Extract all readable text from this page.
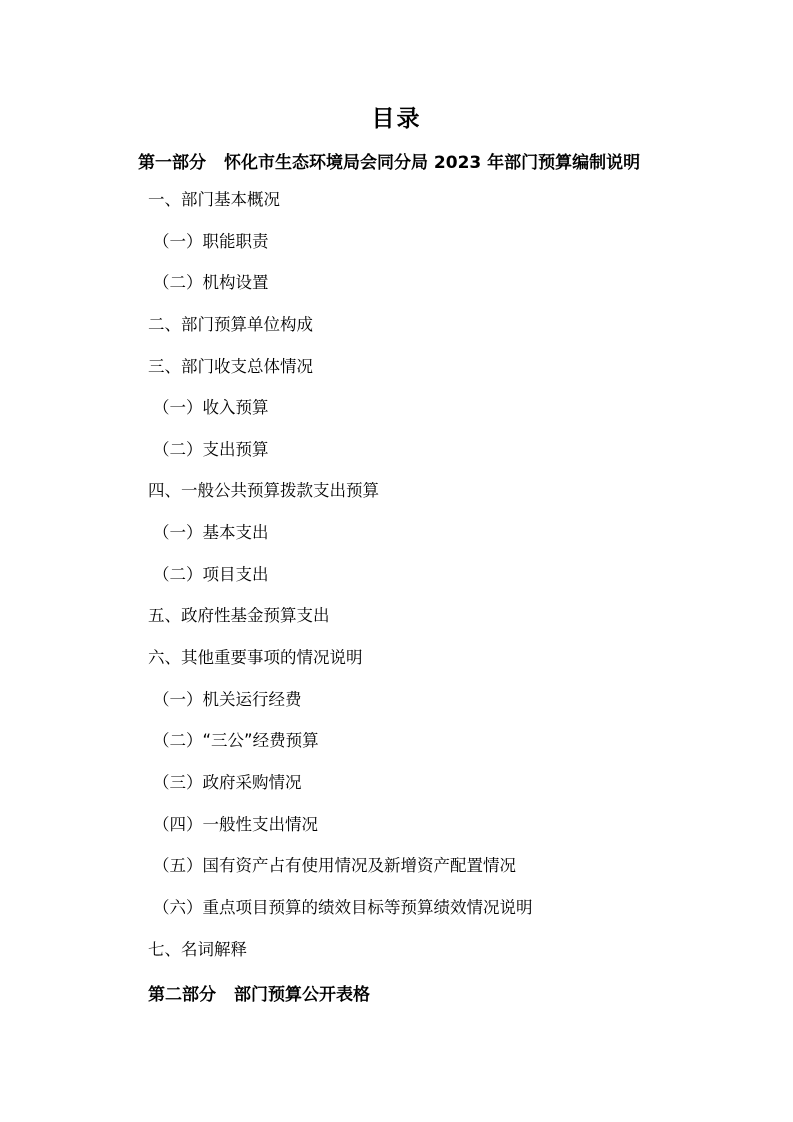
目录
第一部分 怀化市生态环境局会同分局 2023 年部门预算编制说明
一、部门基本概况
（一）职能职责
（二）机构设置
二、部门预算单位构成
三、部门收支总体情况
（一）收入预算
（二）支出预算
四、一般公共预算拨款支出预算
（一）基本支出
（二）项目支出
五、政府性基金预算支出
六、其他重要事项的情况说明
（一）机关运行经费
（二）“三公”经费预算
（三）政府采购情况
（四）一般性支出情况
（五）国有资产占有使用情况及新增资产配置情况
（六）重点项目预算的绩效目标等预算绩效情况说明
七、名词解释
第二部分 部门预算公开表格
